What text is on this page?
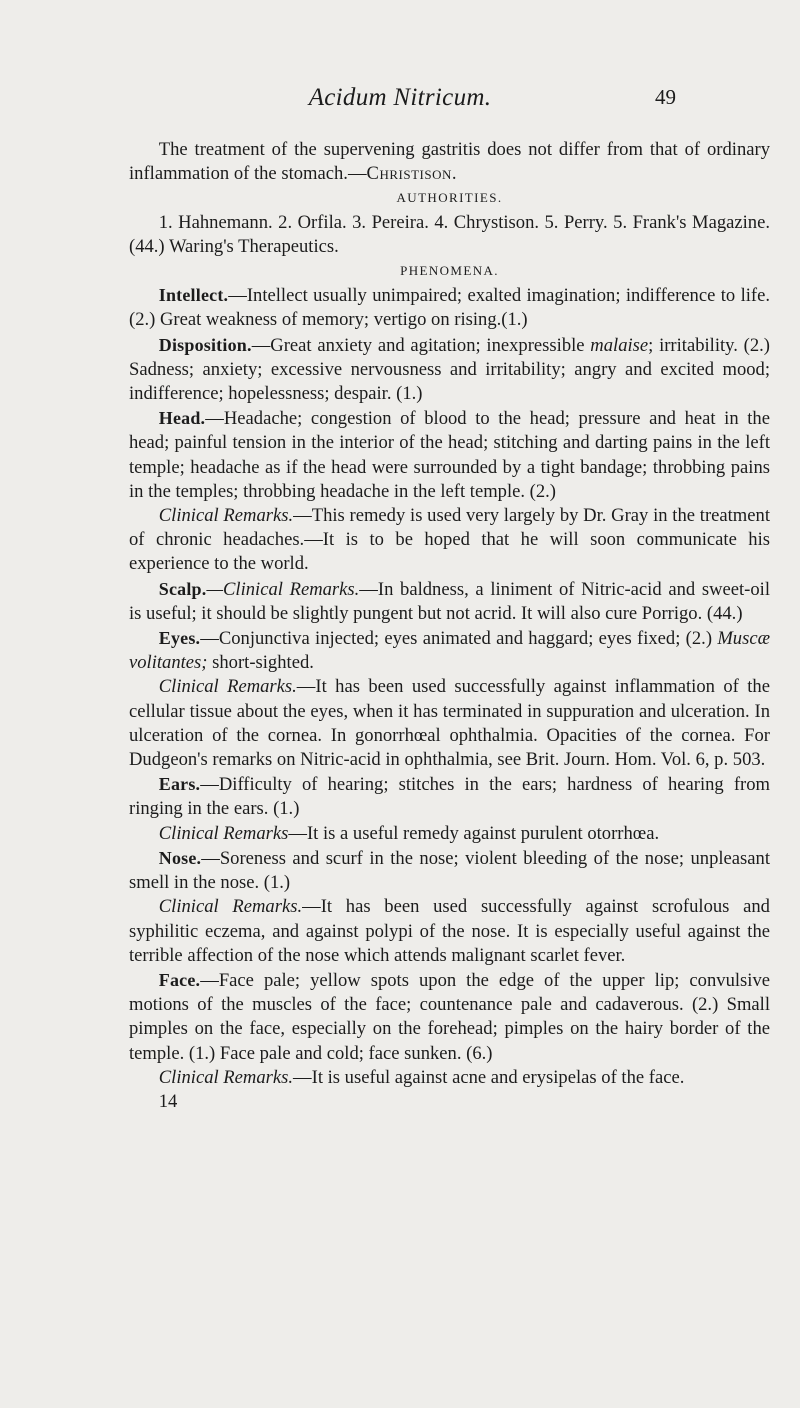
Acidum Nitricum.	49

The treatment of the supervening gastritis does not differ from that of ordinary inflammation of the stomach.—Christison.

AUTHORITIES.

1. Hahnemann. 2. Orfila. 3. Pereira. 4. Chrystison. 5. Perry. 5. Frank's Magazine. (44.) Waring's Therapeutics.

PHENOMENA.

Intellect.—Intellect usually unimpaired; exalted imagination; indifference to life. (2.) Great weakness of memory; vertigo on rising.(1.)

Disposition.—Great anxiety and agitation; inexpressible malaise; irritability. (2.) Sadness; anxiety; excessive nervousness and irritability; angry and excited mood; indifference; hopelessness; despair. (1.)

Head.—Headache; congestion of blood to the head; pressure and heat in the head; painful tension in the interior of the head; stitching and darting pains in the left temple; headache as if the head were surrounded by a tight bandage; throbbing pains in the temples; throbbing headache in the left temple. (2.)

Clinical Remarks.—This remedy is used very largely by Dr. Gray in the treatment of chronic headaches.—It is to be hoped that he will soon communicate his experience to the world.

Scalp.—Clinical Remarks.—In baldness, a liniment of Nitric-acid and sweet-oil is useful; it should be slightly pungent but not acrid. It will also cure Porrigo. (44.)

Eyes.—Conjunctiva injected; eyes animated and haggard; eyes fixed; (2.) Muscæ volitantes; short-sighted.

Clinical Remarks.—It has been used successfully against inflammation of the cellular tissue about the eyes, when it has terminated in suppuration and ulceration. In ulceration of the cornea. In gonorrhœal ophthalmia. Opacities of the cornea. For Dudgeon's remarks on Nitric-acid in ophthalmia, see Brit. Journ. Hom. Vol. 6, p. 503.

Ears.—Difficulty of hearing; stitches in the ears; hardness of hearing from ringing in the ears. (1.)

Clinical Remarks—It is a useful remedy against purulent otorrhœa.

Nose.—Soreness and scurf in the nose; violent bleeding of the nose; unpleasant smell in the nose. (1.)

Clinical Remarks.—It has been used successfully against scrofulous and syphilitic eczema, and against polypi of the nose. It is especially useful against the terrible affection of the nose which attends malignant scarlet fever.

Face.—Face pale; yellow spots upon the edge of the upper lip; convulsive motions of the muscles of the face; countenance pale and cadaverous. (2.) Small pimples on the face, especially on the forehead; pimples on the hairy border of the temple. (1.) Face pale and cold; face sunken. (6.)

Clinical Remarks.—It is useful against acne and erysipelas of the face.

14
